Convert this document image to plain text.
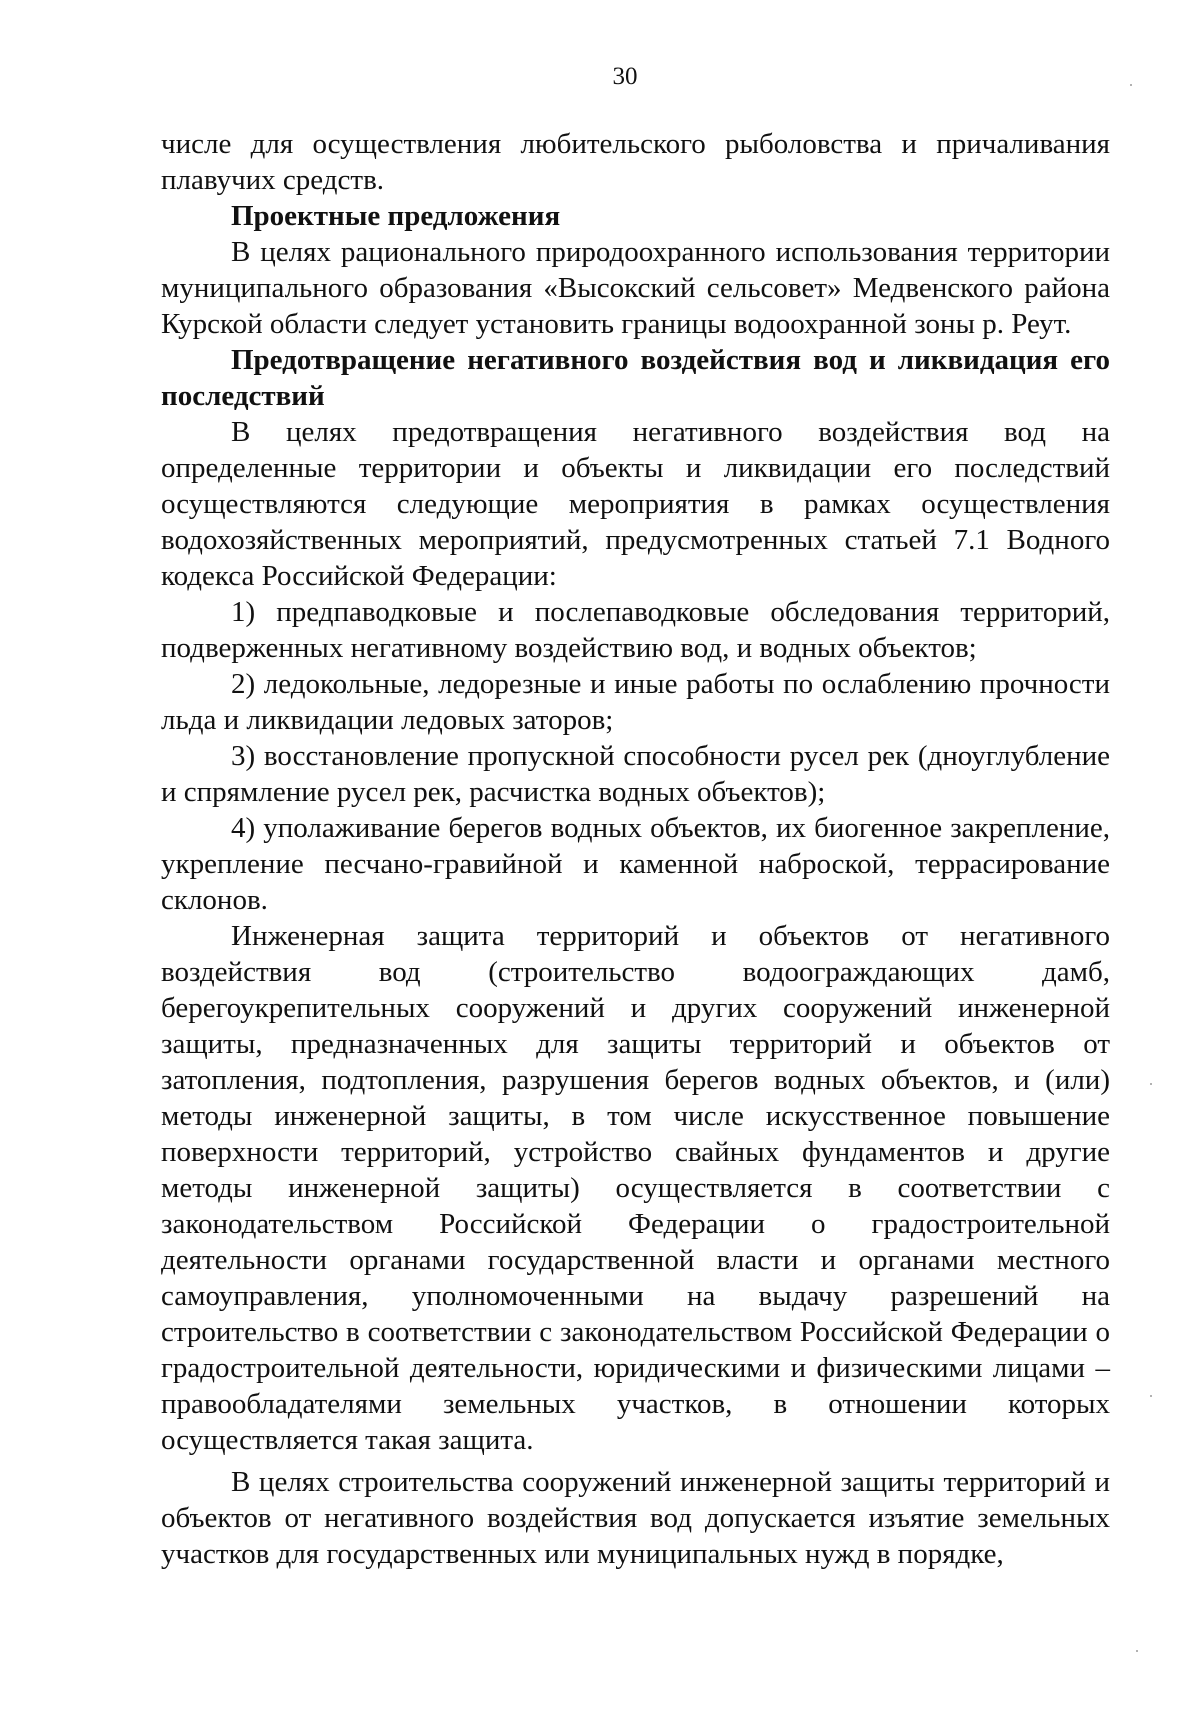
30

числе для осуществления любительского рыболовства и причаливания плавучих средств.

Проектные предложения

В целях рационального природоохранного использования территории муниципального образования «Высокский сельсовет» Медвенского района Курской области следует установить границы водоохранной зоны р. Реут.

Предотвращение негативного воздействия вод и ликвидация его последствий

В целях предотвращения негативного воздействия вод на определенные территории и объекты и ликвидации его последствий осуществляются следующие мероприятия в рамках осуществления водохозяйственных мероприятий, предусмотренных статьей 7.1 Водного кодекса Российской Федерации:

1) предпаводковые и послепаводковые обследования территорий, подверженных негативному воздействию вод, и водных объектов;

2) ледокольные, ледорезные и иные работы по ослаблению прочности льда и ликвидации ледовых заторов;

3) восстановление пропускной способности русел рек (дноуглубление и спрямление русел рек, расчистка водных объектов);

4) уполаживание берегов водных объектов, их биогенное закрепление, укрепление песчано-гравийной и каменной наброской, террасирование склонов.

Инженерная защита территорий и объектов от негативного воздействия вод (строительство водоограждающих дамб, берегоукрепительных сооружений и других сооружений инженерной защиты, предназначенных для защиты территорий и объектов от затопления, подтопления, разрушения берегов водных объектов, и (или) методы инженерной защиты, в том числе искусственное повышение поверхности территорий, устройство свайных фундаментов и другие методы инженерной защиты) осуществляется в соответствии с законодательством Российской Федерации о градостроительной деятельности органами государственной власти и органами местного самоуправления, уполномоченными на выдачу разрешений на строительство в соответствии с законодательством Российской Федерации о градостроительной деятельности, юридическими и физическими лицами – правообладателями земельных участков, в отношении которых осуществляется такая защита.

В целях строительства сооружений инженерной защиты территорий и объектов от негативного воздействия вод допускается изъятие земельных участков для государственных или муниципальных нужд в порядке,
